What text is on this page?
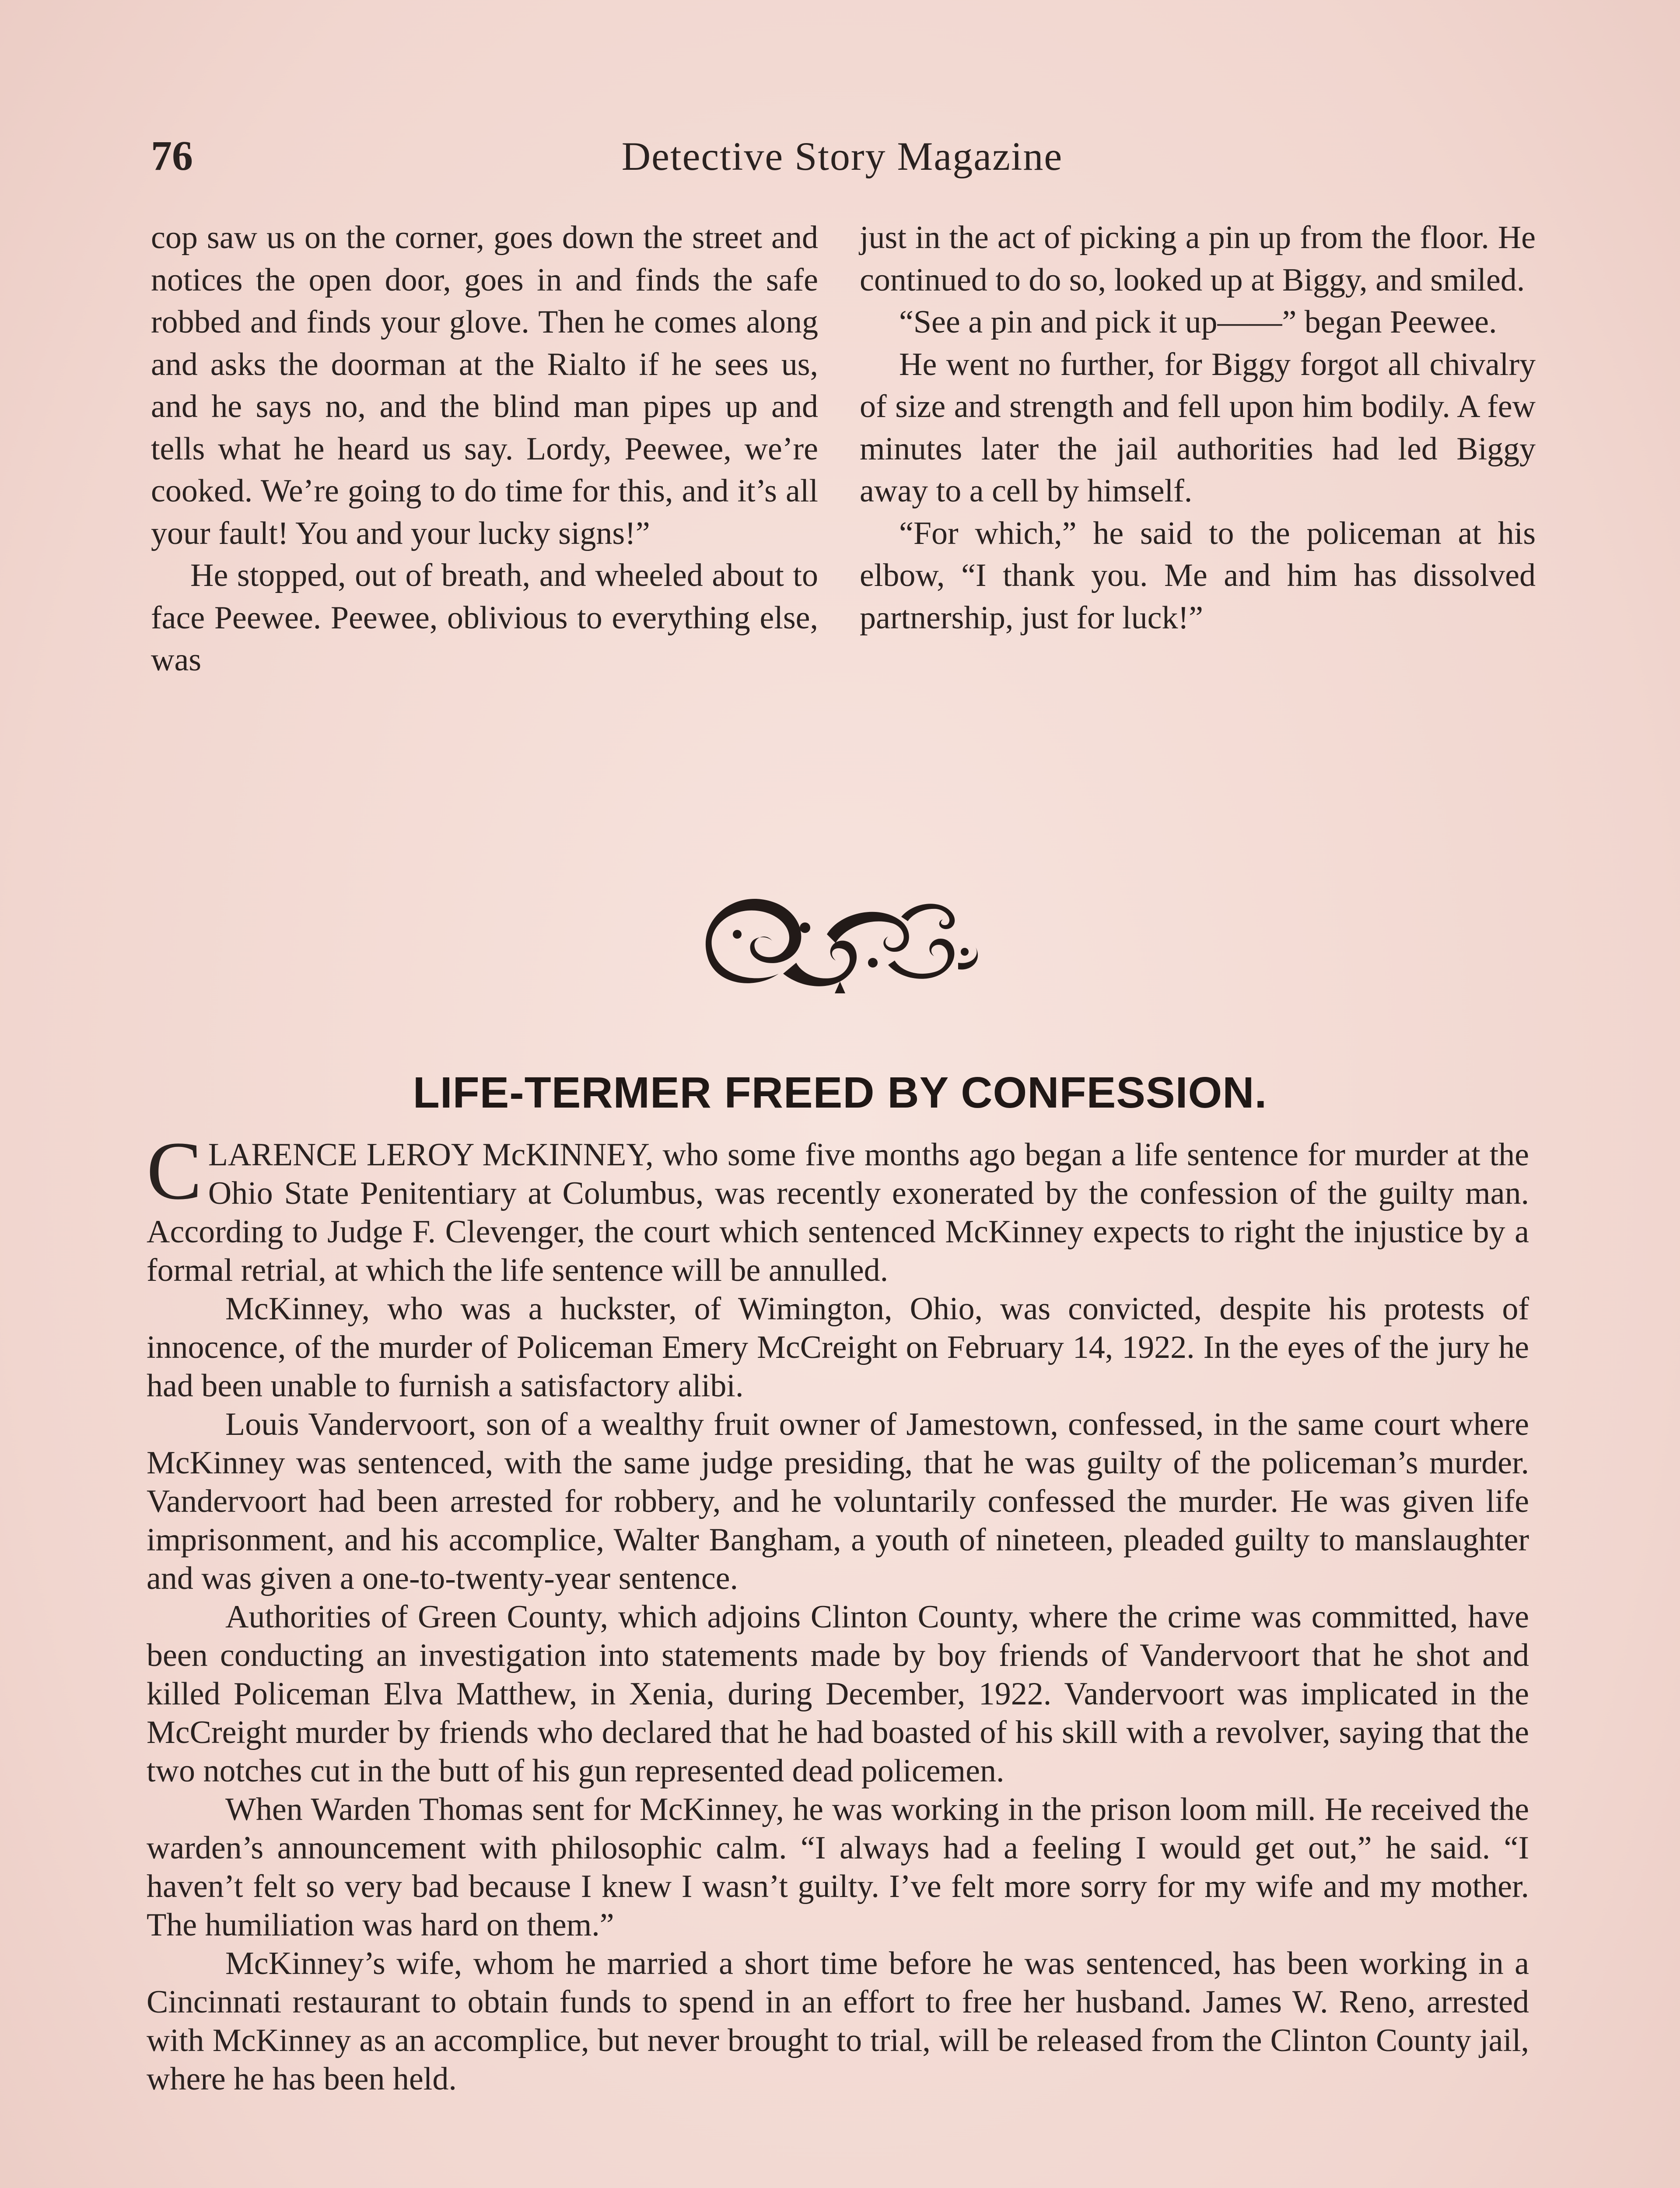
76	Detective Story Magazine

cop saw us on the corner, goes down the street and notices the open door, goes in and finds the safe robbed and finds your glove. Then he comes along and asks the doorman at the Rialto if he sees us, and he says no, and the blind man pipes up and tells what he heard us say. Lordy, Peewee, we’re cooked. We’re going to do time for this, and it’s all your fault! You and your lucky signs!”

He stopped, out of breath, and wheeled about to face Peewee. Peewee, oblivious to everything else, was

just in the act of picking a pin up from the floor. He continued to do so, looked up at Biggy, and smiled.

“See a pin and pick it up——” began Peewee.

He went no further, for Biggy forgot all chivalry of size and strength and fell upon him bodily. A few minutes later the jail authorities had led Biggy away to a cell by himself.

“For which,” he said to the policeman at his elbow, “I thank you. Me and him has dissolved partnership, just for luck!”

LIFE-TERMER FREED BY CONFESSION.

CLARENCE LEROY McKINNEY, who some five months ago began a life sentence for murder at the Ohio State Penitentiary at Columbus, was recently exonerated by the confession of the guilty man. According to Judge F. Clevenger, the court which sentenced McKinney expects to right the injustice by a formal retrial, at which the life sentence will be annulled.

McKinney, who was a huckster, of Wimington, Ohio, was convicted, despite his protests of innocence, of the murder of Policeman Emery McCreight on February 14, 1922. In the eyes of the jury he had been unable to furnish a satisfactory alibi.

Louis Vandervoort, son of a wealthy fruit owner of Jamestown, confessed, in the same court where McKinney was sentenced, with the same judge presiding, that he was guilty of the policeman’s murder. Vandervoort had been arrested for robbery, and he voluntarily confessed the murder. He was given life imprisonment, and his accomplice, Walter Bangham, a youth of nineteen, pleaded guilty to manslaughter and was given a one-to-twenty-year sentence.

Authorities of Green County, which adjoins Clinton County, where the crime was committed, have been conducting an investigation into statements made by boy friends of Vandervoort that he shot and killed Policeman Elva Matthew, in Xenia, during December, 1922. Vandervoort was implicated in the McCreight murder by friends who declared that he had boasted of his skill with a revolver, saying that the two notches cut in the butt of his gun represented dead policemen.

When Warden Thomas sent for McKinney, he was working in the prison loom mill. He received the warden’s announcement with philosophic calm. “I always had a feeling I would get out,” he said. “I haven’t felt so very bad because I knew I wasn’t guilty. I’ve felt more sorry for my wife and my mother. The humiliation was hard on them.”

McKinney’s wife, whom he married a short time before he was sentenced, has been working in a Cincinnati restaurant to obtain funds to spend in an effort to free her husband. James W. Reno, arrested with McKinney as an accomplice, but never brought to trial, will be released from the Clinton County jail, where he has been held.
